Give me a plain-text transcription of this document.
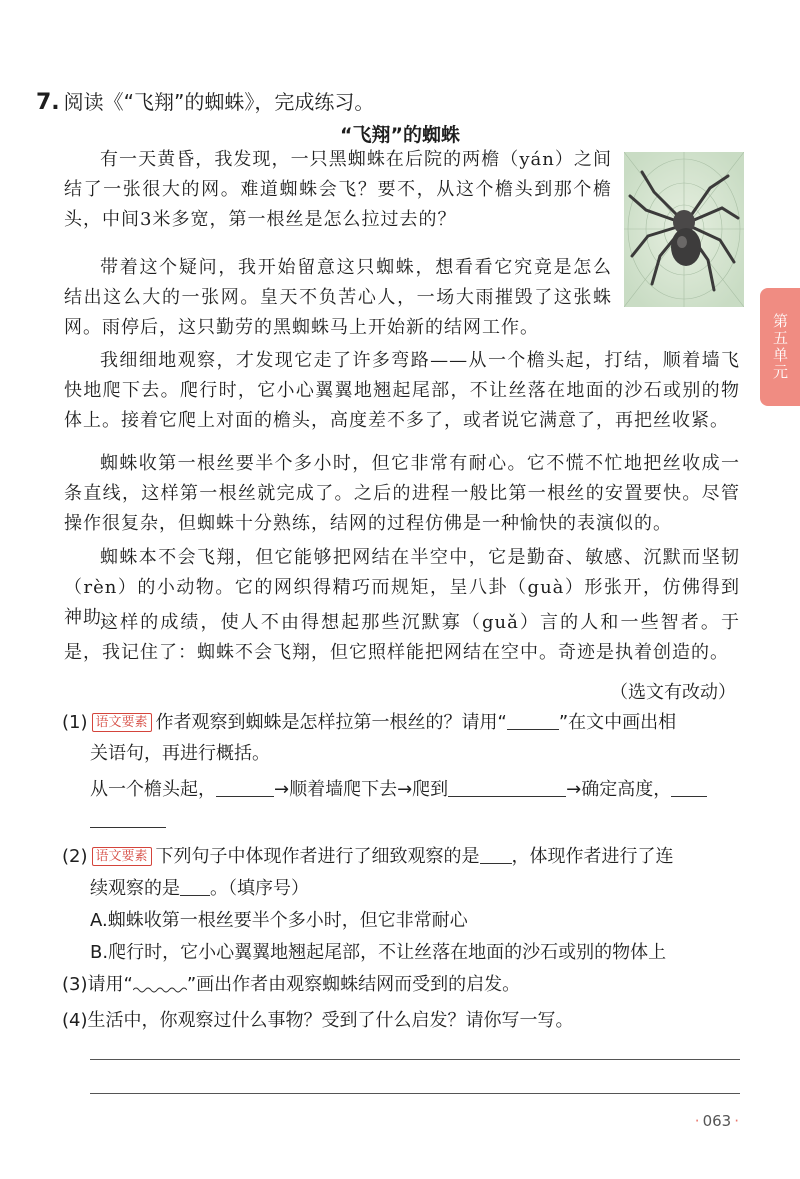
7. 阅读《“飞翔”的蜘蛛》，完成练习。
“飞翔”的蜘蛛

有一天黄昏，我发现，一只黑蜘蛛在后院的两檐（yán）之间结了一张很大的网。难道蜘蛛会飞？要不，从这个檐头到那个檐头，中间3米多宽，第一根丝是怎么拉过去的？

带着这个疑问，我开始留意这只蜘蛛，想看看它究竟是怎么结出这么大的一张网。皇天不负苦心人，一场大雨摧毁了这张蛛网。雨停后，这只勤劳的黑蜘蛛马上开始新的结网工作。

我细细地观察，才发现它走了许多弯路——从一个檐头起，打结，顺着墙飞快地爬下去。爬行时，它小心翼翼地翘起尾部，不让丝落在地面的沙石或别的物体上。接着它爬上对面的檐头，高度差不多了，或者说它满意了，再把丝收紧。

蜘蛛收第一根丝要半个多小时，但它非常有耐心。它不慌不忙地把丝收成一条直线，这样第一根丝就完成了。之后的进程一般比第一根丝的安置要快。尽管操作很复杂，但蜘蛛十分熟练，结网的过程仿佛是一种愉快的表演似的。

蜘蛛本不会飞翔，但它能够把网结在半空中，它是勤奋、敏感、沉默而坚韧（rèn）的小动物。它的网织得精巧而规矩，呈八卦（guà）形张开，仿佛得到神助。

这样的成绩，使人不由得想起那些沉默寡（guǎ）言的人和一些智者。于是，我记住了：蜘蛛不会飞翔，但它照样能把网结在空中。奇迹是执着创造的。

（选文有改动）
第五单元
(1) 语文要素 作者观察到蜘蛛是怎样拉第一根丝的？请用“	”在文中画出相
关语句，再进行概括。
从一个檐头起，	→顺着墙爬下去→爬到	→确定高度，
(2) 语文要素 下列句子中体现作者进行了细致观察的是 ，体现作者进行了连
续观察的是 。（填序号）
A.蜘蛛收第一根丝要半个多小时，但它非常耐心
B.爬行时，它小心翼翼地翘起尾部，不让丝落在地面的沙石或别的物体上
(3)请用“	”画出作者由观察蜘蛛结网而受到的启发。
(4)生活中，你观察过什么事物？受到了什么启发？请你写一写。
· 063 ·
